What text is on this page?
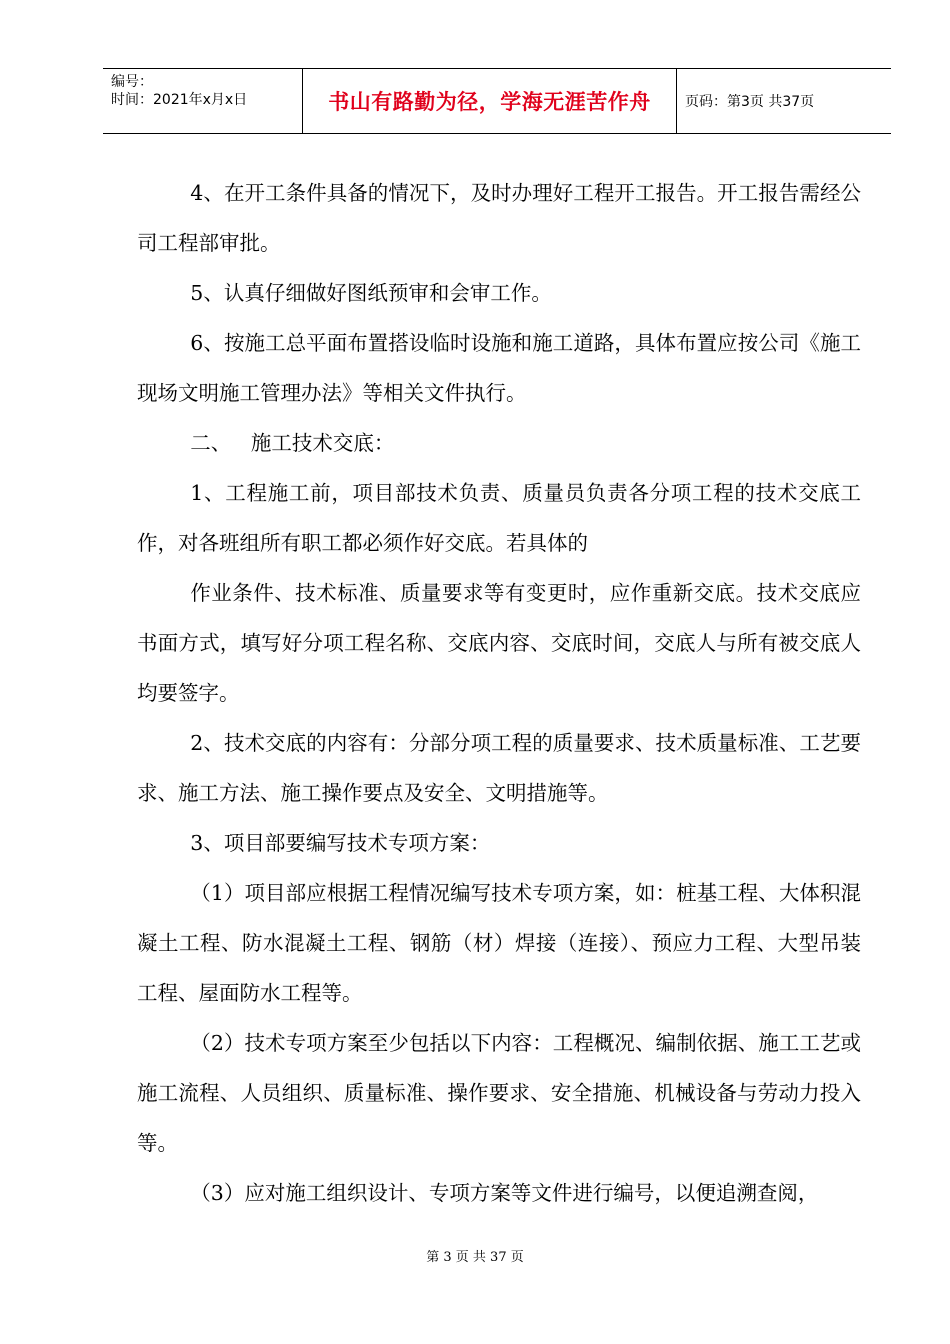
编号：
时间：2021年x月x日	书山有路勤为径，学海无涯苦作舟	页码：第3页 共37页

4、在开工条件具备的情况下，及时办理好工程开工报告。开工报告需经公司工程部审批。

5、认真仔细做好图纸预审和会审工作。

6、按施工总平面布置搭设临时设施和施工道路，具体布置应按公司《施工现场文明施工管理办法》等相关文件执行。

二、   施工技术交底：

1、工程施工前，项目部技术负责、质量员负责各分项工程的技术交底工作，对各班组所有职工都必须作好交底。若具体的

作业条件、技术标准、质量要求等有变更时，应作重新交底。技术交底应书面方式，填写好分项工程名称、交底内容、交底时间，交底人与所有被交底人均要签字。

2、技术交底的内容有：分部分项工程的质量要求、技术质量标准、工艺要求、施工方法、施工操作要点及安全、文明措施等。

3、项目部要编写技术专项方案：

（1）项目部应根据工程情况编写技术专项方案，如：桩基工程、大体积混凝土工程、防水混凝土工程、钢筋（材）焊接（连接）、预应力工程、大型吊装工程、屋面防水工程等。

（2）技术专项方案至少包括以下内容：工程概况、编制依据、施工工艺或施工流程、人员组织、质量标准、操作要求、安全措施、机械设备与劳动力投入等。

（3）应对施工组织设计、专项方案等文件进行编号，以便追溯查阅，

第 3 页 共 37 页
